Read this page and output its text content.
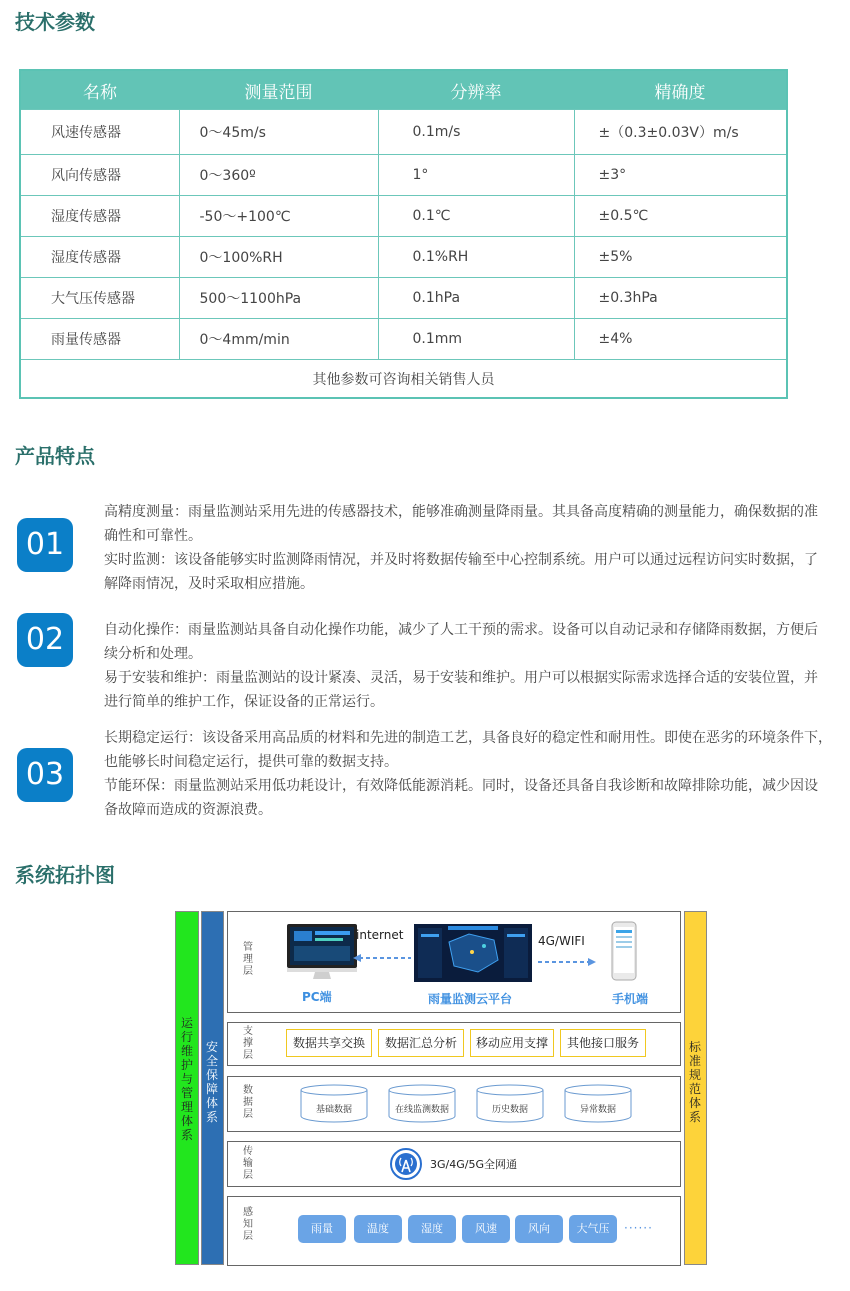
技术参数
名称	测量范围	分辨率	精确度
风速传感器	0～45m/s	0.1m/s	±（0.3±0.03V）m/s
风向传感器	0～360º	1°	±3°
湿度传感器	-50～+100℃	0.1℃	±0.5℃
湿度传感器	0～100%RH	0.1%RH	±5%
大气压传感器	500～1100hPa	0.1hPa	±0.3hPa
雨量传感器	0～4mm/min	0.1mm	±4%
其他参数可咨询相关销售人员			
产品特点
01

高精度测量：雨量监测站采用先进的传感器技术，能够准确测量降雨量。其具备高度精确的测量能力，确保数据的准
确性和可靠性。
实时监测：该设备能够实时监测降雨情况，并及时将数据传输至中心控制系统。用户可以通过远程访问实时数据，了
解降雨情况，及时采取相应措施。

02	自动化操作：雨量监测站具备自动化操作功能，减少了人工干预的需求。设备可以自动记录和存储降雨数据，方便后
续分析和处理。
易于安装和维护：雨量监测站的设计紧凑、灵活，易于安装和维护。用户可以根据实际需求选择合适的安装位置，并
进行简单的维护工作，保证设备的正常运行。

03

长期稳定运行：该设备采用高品质的材料和先进的制造工艺，具备良好的稳定性和耐用性。即使在恶劣的环境条件下，
也能够长时间稳定运行，提供可靠的数据支持。
节能环保：雨量监测站采用低功耗设计，有效降低能源消耗。同时，设备还具备自我诊断和故障排除功能，减少因设
备故障而造成的资源浪费。

系统拓扑图
运行维护与管理体系
安全保障体系
标准规范体系
管理层
PC端
internet
雨量监测云平台
4G/WIFI
手机端
支撑层
数据共享交换	数据汇总分析	移动应用支撑	其他接口服务
数据层	基础数据	在线监测数据	历史数据	异常数据
传输层
3G/4G/5G全网通
感知层
雨量	温度	湿度	风速	风向	大气压	······
